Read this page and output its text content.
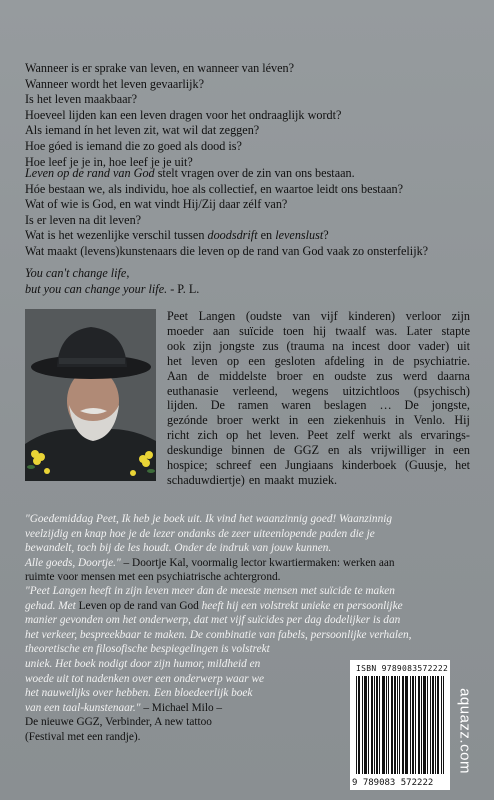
Wanneer is er sprake van leven, en wanneer van léven?
Wanneer wordt het leven gevaarlijk?
Is het leven maakbaar?
Hoeveel lijden kan een leven dragen voor het ondraaglijk wordt?
Als iemand ín het leven zit, wat wil dat zeggen?
Hoe góed is iemand die zo goed als dood is?
Hoe leef je je in, hoe leef je je uit?
Leven op de rand van God stelt vragen over de zin van ons bestaan.
Hóe bestaan we, als individu, hoe als collectief, en waartoe leidt ons bestaan?
Wat of wie is God, en wat vindt Hij/Zij daar zélf van?
Is er leven na dit leven?
Wat is het wezenlijke verschil tussen doodsdrift en levenslust?
Wat maakt (levens)kunstenaars die leven op de rand van God vaak zo onsterfelijk?
You can't change life,
but you can change your life. - P. L.
Peet Langen (oudste van vijf kinderen) verloor zijn
moeder aan suïcide toen hij twaalf was. Later stapte
ook zijn jongste zus (trauma na incest door vader) uit
het leven op een gesloten afdeling in de psychiatrie.
Aan de middelste broer en oudste zus werd daarna
euthanasie verleend, wegens uitzichtloos (psychisch)
lijden. De ramen waren beslagen … De jongste,
gezónde broer werkt in een ziekenhuis in Venlo. Hij
richt zich op het leven. Peet zelf werkt als ervarings-
deskundige binnen de GGZ en als vrijwilliger in een
hospice; schreef een Jungiaans kinderboek (Guusje, het
schaduwdiertje) en maakt muziek.
"Goedemiddag Peet, Ik heb je boek uit. Ik vind het waanzinnig goed! Waanzinnig
veelzijdig en knap hoe je de lezer ondanks de zeer uiteenlopende paden die je
bewandelt, toch bij de les houdt. Onder de indruk van jouw kunnen.
Alle goeds, Doortje." – Doortje Kal, voormalig lector kwartiermaken: werken aan
ruimte voor mensen met een psychiatrische achtergrond.
"Peet Langen heeft in zijn leven meer dan de meeste mensen met suïcide te maken
gehad. Met Leven op de rand van God heeft hij een volstrekt unieke en persoonlijke
manier gevonden om het onderwerp, dat met vijf suïcides per dag dodelijker is dan
het verkeer, bespreekbaar te maken. De combinatie van fabels, persoonlijke verhalen,
theoretische en filosofische bespiegelingen is volstrekt
uniek. Het boek nodigt door zijn humor, mildheid en
woede uit tot nadenken over een onderwerp waar we
het nauwelijks over hebben. Een bloedeerlijk boek
van een taal-kunstenaar." – Michael Milo –
De nieuwe GGZ, Verbinder, A new tattoo
(Festival met een randje).
ISBN 9789083572222
9 789083 572222
aquazz.com
